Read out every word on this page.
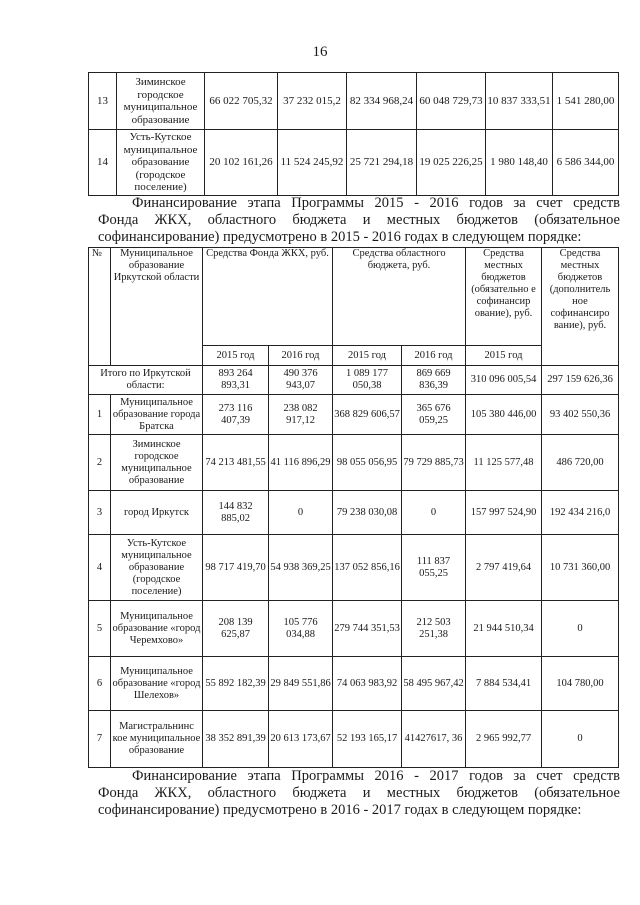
16
13	Зиминское городское муниципальное образование	66 022 705,32	37 232 015,2	82 334 968,24	60 048 729,73	10 837 333,51	1 541 280,00
14	Усть-Кутское муниципальное образование (городское поселение)	20 102 161,26	11 524 245,92	25 721 294,18	19 025 226,25	1 980 148,40	6 586 344,00

Финансирование этапа Программы 2015 - 2016 годов за счет средств

Фонда ЖКХ, областного бюджета и местных бюджетов (обязательное

софинансирование) предусмотрено в 2015 - 2016 годах в следующем порядке:

№	Муниципальное образование Иркутской области	Средства Фонда ЖКХ, руб.		Средства областного бюджета, руб.		Средства местных бюджетов (обязательно е софинансир ование), руб.	Средства местных бюджетов (дополнитель ное софинансиро вание), руб.
		2015 год	2016 год	2015 год	2016 год	2015 год	
Итого по Иркутской области:		893 264 893,31	490 376 943,07	1 089 177 050,38	869 669 836,39	310 096 005,54	297 159 626,36
1	Муниципальное образование города Братска	273 116 407,39	238 082 917,12	368 829 606,57	365 676 059,25	105 380 446,00	93 402 550,36
2	Зиминское городское муниципальное образование	74 213 481,55	41 116 896,29	98 055 056,95	79 729 885,73	11 125 577,48	486 720,00
3	город Иркутск	144 832 885,02	0	79 238 030,08	0	157 997 524,90	192 434 216,0
4	Усть-Кутское муниципальное образование (городское поселение)	98 717 419,70	54 938 369,25	137 052 856,16	111 837 055,25	2 797 419,64	10 731 360,00
5	Муниципальное образование «город Черемхово»	208 139 625,87	105 776 034,88	279 744 351,53	212 503 251,38	21 944 510,34	0
6	Муниципальное образование «город Шелехов»	55 892 182,39	29 849 551,86	74 063 983,92	58 495 967,42	7 884 534,41	104 780,00
7	Магистральнинс кое муниципальное образование	38 352 891,39	20 613 173,67	52 193 165,17	41427617, 36	2 965 992,77	0

Финансирование этапа Программы 2016 - 2017 годов за счет средств

Фонда ЖКХ, областного бюджета и местных бюджетов (обязательное

софинансирование) предусмотрено в 2016 - 2017 годах в следующем порядке:
